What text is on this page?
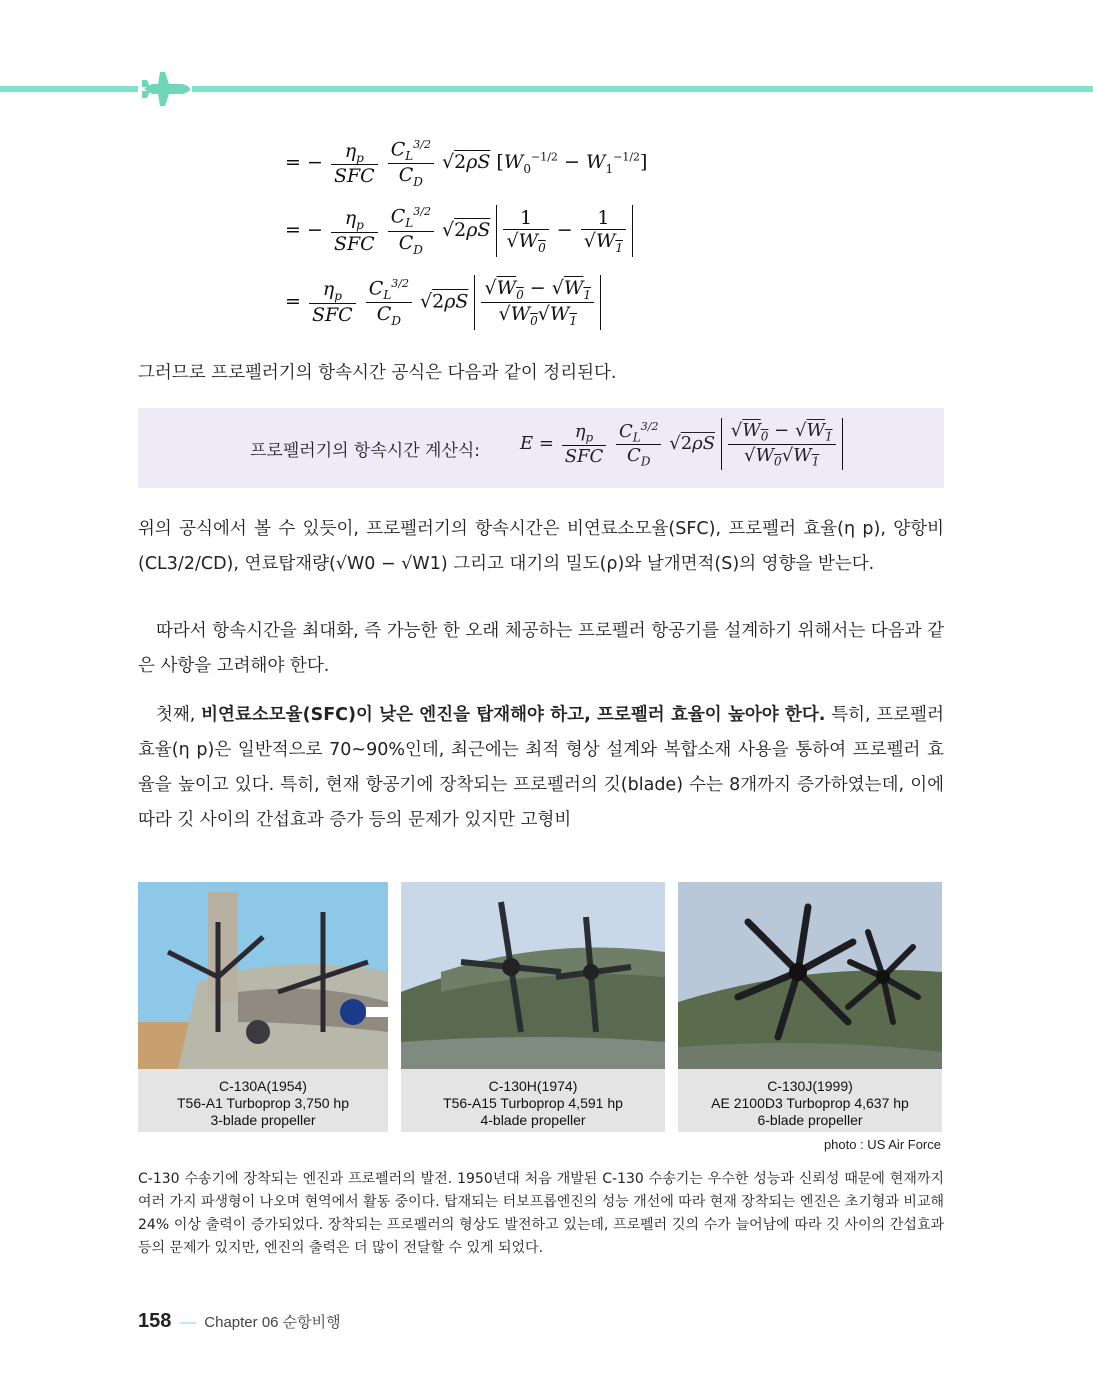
= − $\frac{\eta_p}{\text{SFC}}$
$\frac{C_L^{3/2}}{C_D} √2\rho S$ $[W_0^{-1/2} - W_1^{-1/2}]$
= − $\frac{\eta_p}{\text{SFC}}$
$\frac{C_L^{3/2}}{C_D} √2\rho S \frac{1}{√W_0} - \frac{1}{√W_1}$
= $\frac{\eta_p}{\text{SFC}}$
$\frac{C_L^{3/2}}{C_D} √2\rho S \frac{√W_0 - √W_1}{√W_0√W_1}$
그러므로 프로펠러기의 항속시간 공식은 다음과 같이 정리된다.
프로펠러기의 항속시간 계산식: $E = \frac{\eta_p}{\text{SFC}}$
$\frac{C_L^{3/2}}{C_D} √2\rho S \frac{√W_0 - √W_1}{√W_0√W_1}$
위의 공식에서 볼 수 있듯이, 프로펠러기의 항속시간은 비연료소모율(SFC), 프로펠러 효율(η p), 양항비(CL3/2/CD), 연료탑재량(√W0 − √W1) 그리고 대기의 밀도(ρ)와 날개면적(S)의 영향을 받는다.
따라서 항속시간을 최대화, 즉 가능한 한 오래 체공하는 프로펠러 항공기를 설계하기 위해서는 다음과 같은 사항을 고려해야 한다.
첫째, 비연료소모율(SFC)이 낮은 엔진을 탑재해야 하고, 프로펠러 효율이 높아야 한다. 특히, 프로펠러 효율(η p)은 일반적으로 70~90%인데, 최근에는 최적 형상 설계와 복합소재 사용을 통하여 프로펠러 효율을 높이고 있다. 특히, 현재 항공기에 장착되는 프로펠러의 깃(blade) 수는 8개까지 증가하였는데, 이에 따라 깃 사이의 간섭효과 증가 등의 문제가 있지만 고형비
C-130A(1954)
T56-A1 Turboprop 3,750 hp
3-blade propeller
C-130H(1974)
T56-A15 Turboprop 4,591 hp
4-blade propeller
C-130J(1999)
AE 2100D3 Turboprop 4,637 hp
6-blade propeller
photo : US Air Force
C-130 수송기에 장착되는 엔진과 프로펠러의 발전. 1950년대 처음 개발된 C-130 수송기는 우수한 성능과 신뢰성 때문에 현재까지 여러 가지 파생형이 나오며 현역에서 활동 중이다. 탑재되는 터보프롭엔진의 성능 개선에 따라 현재 장착되는 엔진은 초기형과 비교해 24% 이상 출력이 증가되었다. 장착되는 프로펠러의 형상도 발전하고 있는데, 프로펠러 깃의 수가 늘어남에 따라 깃 사이의 간섭효과 등의 문제가 있지만, 엔진의 출력은 더 많이 전달할 수 있게 되었다.
158 — Chapter 06 순항비행
